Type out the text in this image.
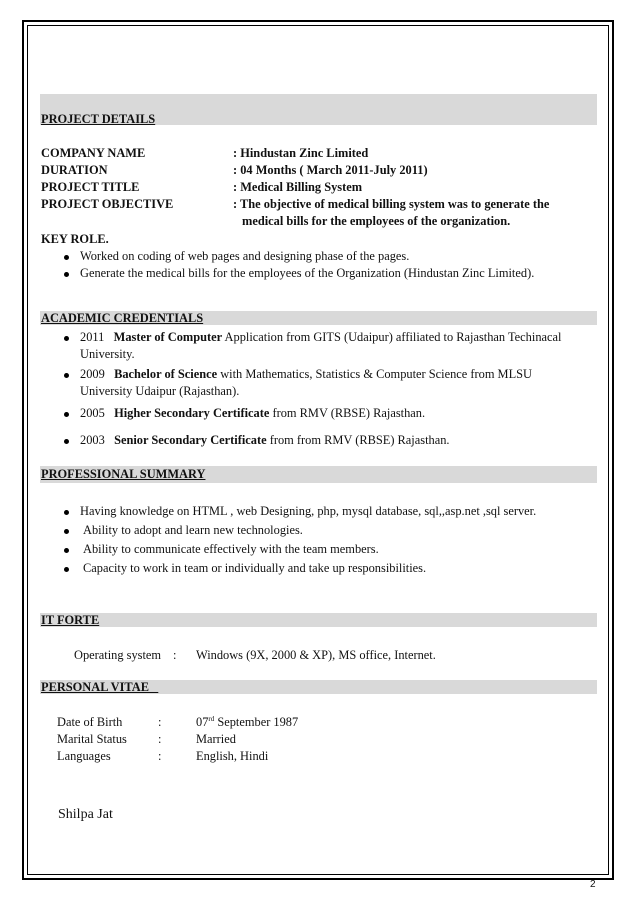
PROJECT DETAILS
COMPANY NAME	: Hindustan Zinc Limited
DURATION	: 04 Months ( March 2011-July 2011)
PROJECT TITLE	: Medical Billing System
PROJECT OBJECTIVE	: The objective of medical billing system was to generate the
medical bills for the employees of the organization.
KEY ROLE.
Worked on coding of web pages and designing phase of the pages.
Generate the medical bills for the employees of the Organization (Hindustan Zinc Limited).
ACADEMIC CREDENTIALS
2011 Master of Computer Application from GITS (Udaipur) affiliated to Rajasthan Techinacal
University.
2009 Bachelor of Science with Mathematics, Statistics & Computer Science from MLSU
University Udaipur (Rajasthan).
2005 Higher Secondary Certificate from RMV (RBSE) Rajasthan.
2003 Senior Secondary Certificate from from RMV (RBSE) Rajasthan.
PROFESSIONAL SUMMARY
Having knowledge on HTML , web Designing, php, mysql database, sql,,asp.net ,sql server.
Ability to adopt and learn new technologies.
Ability to communicate effectively with the team members.
Capacity to work in team or individually and take up responsibilities.
IT FORTE
Operating system : Windows (9X, 2000 & XP), MS office, Internet.
PERSONAL VITAE
Date of Birth	:	07rd September 1987
Marital Status	:	Married
Languages	:	English, Hindi
Shilpa Jat
2
